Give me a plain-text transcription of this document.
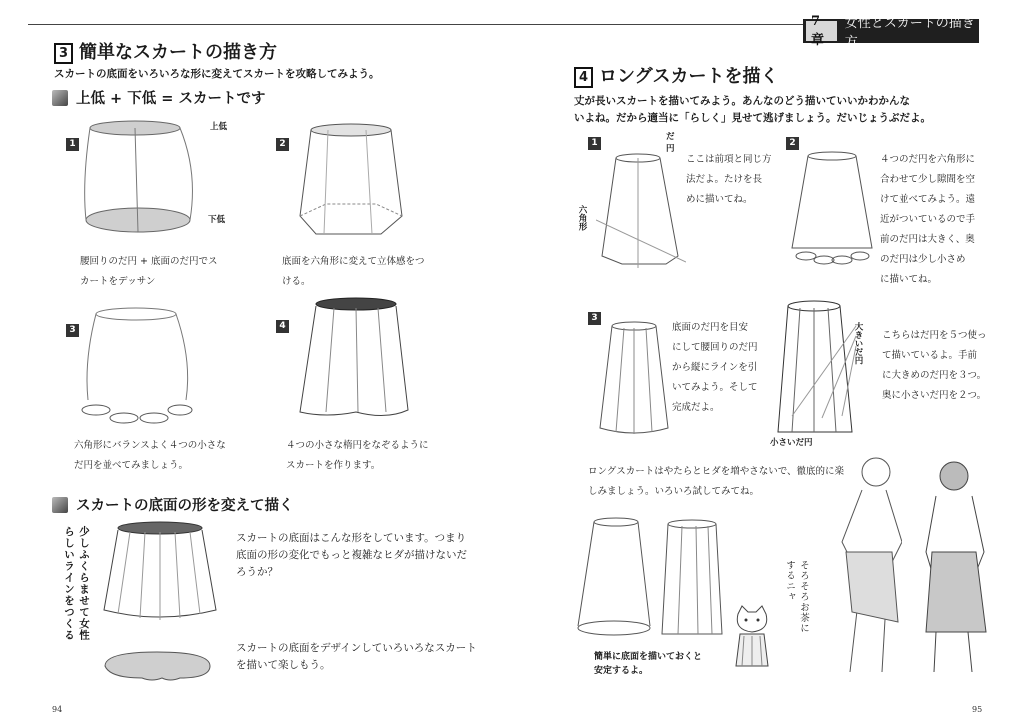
7章
女性とスカートの描き方
3 簡単なスカートの描き方
スカートの底面をいろいろな形に変えてスカートを攻略してみよう。
上低 + 下低 = スカートです
1
上低
下低
腰回りのだ円 + 底面のだ円でス
カートをデッサン
2
底面を六角形に変えて立体感をつ
ける。
3
六角形にバランスよく４つの小さな
だ円を並べてみましょう。
4
４つの小さな楕円をなぞるように
スカートを作ります。
スカートの底面の形を変えて描く
少しふくらませて女性らしいラインをつくる	スカートの底面はこんな形をしています。つまり
底面の形の変化でもっと複雑なヒダが描けないだ
ろうか？
スカートの底面をデザインしていろいろなスカート
を描いて楽しもう。
94
4 ロングスカートを描く
丈が長いスカートを描いてみよう。あんなのどう描いていいかわかんな
いよね。だから適当に「らしく」見せて逃げましょう。だいじょうぶだよ。
1
だ円
六角形
ここは前項と同じ方
法だよ。たけを長
めに描いてね。
2
４つのだ円を六角形に
合わせて少し隙間を空
けて並べてみよう。遠
近がついているので手
前のだ円は大きく、奥
のだ円は少し小さめ
に描いてね。
3
底面のだ円を目安
にして腰回りのだ円
から縦にラインを引
いてみよう。そして
完成だよ。
大きいだ円
小さいだ円
こちらはだ円を５つ使っ
て描いているよ。手前
に大きめのだ円を３つ。
奥に小さいだ円を２つ。
ロングスカートはやたらとヒダを増やさないで、徹底的に楽
しみましょう。いろいろ試してみてね。
簡単に底面を描いておくと
安定するよ。
そろそろお茶にするニャ
95
